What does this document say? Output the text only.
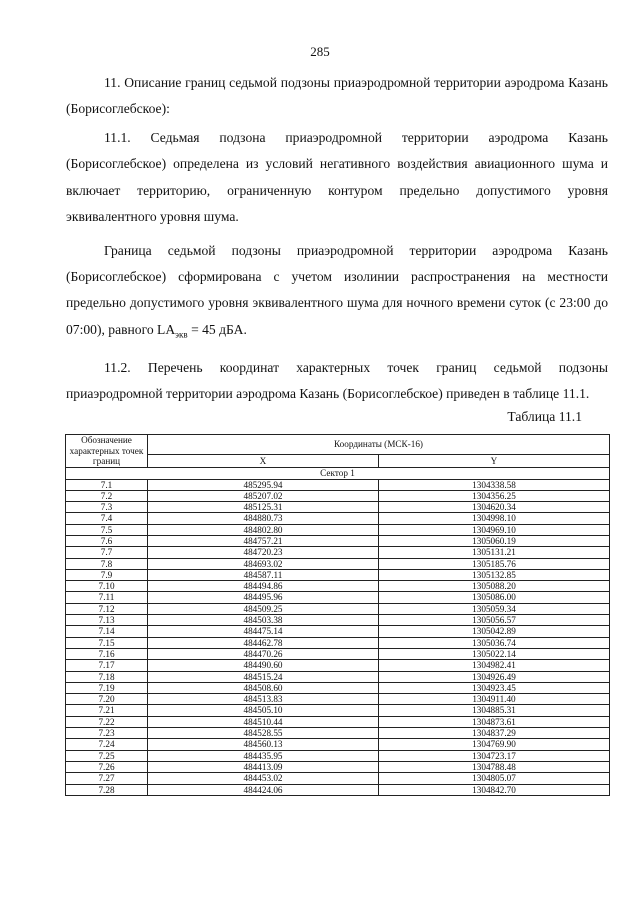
285

11. Описание границ седьмой подзоны приаэродромной территории аэродрома Казань (Борисоглебское):

11.1. Седьмая подзона приаэродромной территории аэродрома Казань (Борисоглебское) определена из условий негативного воздействия авиационного шума и включает территорию, ограниченную контуром предельно допустимого уровня эквивалентного уровня шума.

Граница седьмой подзоны приаэродромной территории аэродрома Казань (Борисоглебское) сформирована с учетом изолинии распространения на местности предельно допустимого уровня эквивалентного шума для ночного времени суток (с 23:00 до 07:00), равного $LA_{экв} = 45$ дБА.

11.2. Перечень координат характерных точек границ седьмой подзоны приаэродромной территории аэродрома Казань (Борисоглебское) приведен в таблице 11.1.

Таблица 11.1
Обозначение характерных точек границ	Координаты (МСК-16)	
	X	Y
Сектор 1		
7.1	485295.94	1304338.58
7.2	485207.02	1304356.25
7.3	485125.31	1304620.34
7.4	484880.73	1304998.10
7.5	484802.80	1304969.10
7.6	484757.21	1305060.19
7.7	484720.23	1305131.21
7.8	484693.02	1305185.76
7.9	484587.11	1305132.85
7.10	484494.86	1305088.20
7.11	484495.96	1305086.00
7.12	484509.25	1305059.34
7.13	484503.38	1305056.57
7.14	484475.14	1305042.89
7.15	484462.78	1305036.74
7.16	484470.26	1305022.14
7.17	484490.60	1304982.41
7.18	484515.24	1304926.49
7.19	484508.60	1304923.45
7.20	484513.83	1304911.40
7.21	484505.10	1304885.31
7.22	484510.44	1304873.61
7.23	484528.55	1304837.29
7.24	484560.13	1304769.90
7.25	484435.95	1304723.17
7.26	484413.09	1304788.48
7.27	484453.02	1304805.07
7.28	484424.06	1304842.70
